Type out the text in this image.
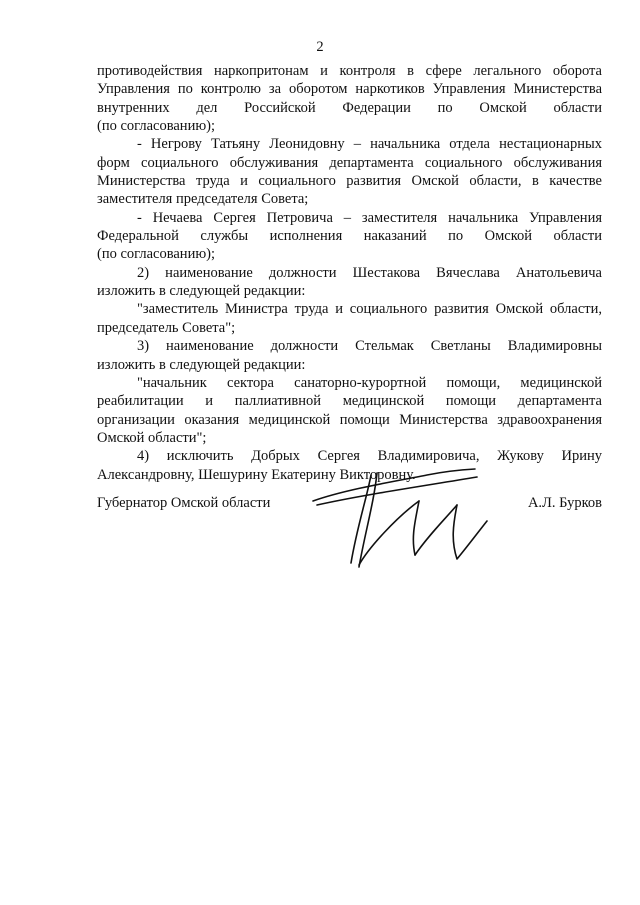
2
противодействия наркопритонам и контроля в сфере легального оборота
Управления по контролю за оборотом наркотиков Управления Министерства
внутренних дел Российской Федерации по Омской области
(по согласованию);
- Негрову Татьяну Леонидовну – начальника отдела нестационарных
форм социального обслуживания департамента социального обслуживания
Министерства труда и социального развития Омской области, в качестве
заместителя председателя Совета;
- Нечаева Сергея Петровича – заместителя начальника Управления
Федеральной службы исполнения наказаний по Омской области
(по согласованию);
2) наименование должности Шестакова Вячеслава Анатольевича
изложить в следующей редакции:
"заместитель Министра труда и социального развития Омской области,
председатель Совета";
3) наименование должности Стельмак Светланы Владимировны
изложить в следующей редакции:
"начальник сектора санаторно-курортной помощи, медицинской
реабилитации и паллиативной медицинской помощи департамента
организации оказания медицинской помощи Министерства здравоохранения
Омской области";
4) исключить Добрых Сергея Владимировича, Жукову Ирину
Александровну, Шешурину Екатерину Викторовну.
Губернатор Омской области	А.Л. Бурков
